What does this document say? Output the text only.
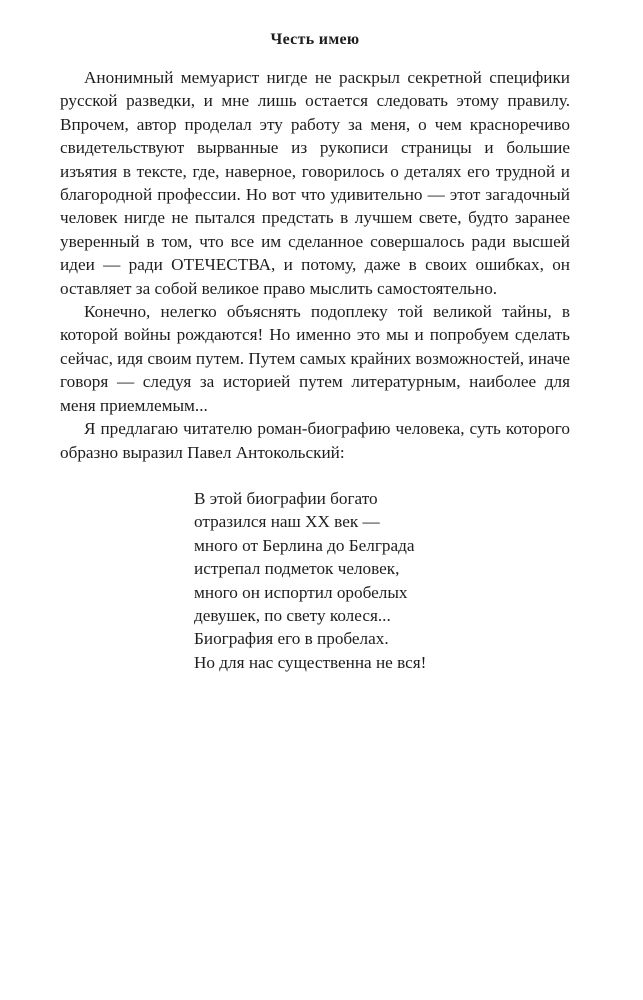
Честь имею

Анонимный мемуарист нигде не раскрыл секретной специфики русской разведки, и мне лишь остается следовать этому правилу. Впрочем, автор проделал эту работу за меня, о чем красноречиво свидетельствуют вырванные из рукописи страницы и большие изъятия в тексте, где, наверное, говорилось о деталях его трудной и благородной профессии. Но вот что удивительно — этот загадочный человек нигде не пытался предстать в лучшем свете, будто заранее уверенный в том, что все им сделанное совершалось ради высшей идеи — ради ОТЕЧЕСТВА, и потому, даже в своих ошибках, он оставляет за собой великое право мыслить самостоятельно.

Конечно, нелегко объяснять подоплеку той великой тайны, в которой войны рождаются! Но именно это мы и попробуем сделать сейчас, идя своим путем. Путем самых крайних возможностей, иначе говоря — следуя за историей путем литературным, наиболее для меня приемлемым...

Я предлагаю читателю роман-биографию человека, суть которого образно выразил Павел Антокольский:

В этой биографии богато
отразился наш XX век —
много от Берлина до Белграда
истрепал подметок человек,
много он испортил оробелых
девушек, по свету колеся...
Биография его в пробелах.
Но для нас существенна не вся!
